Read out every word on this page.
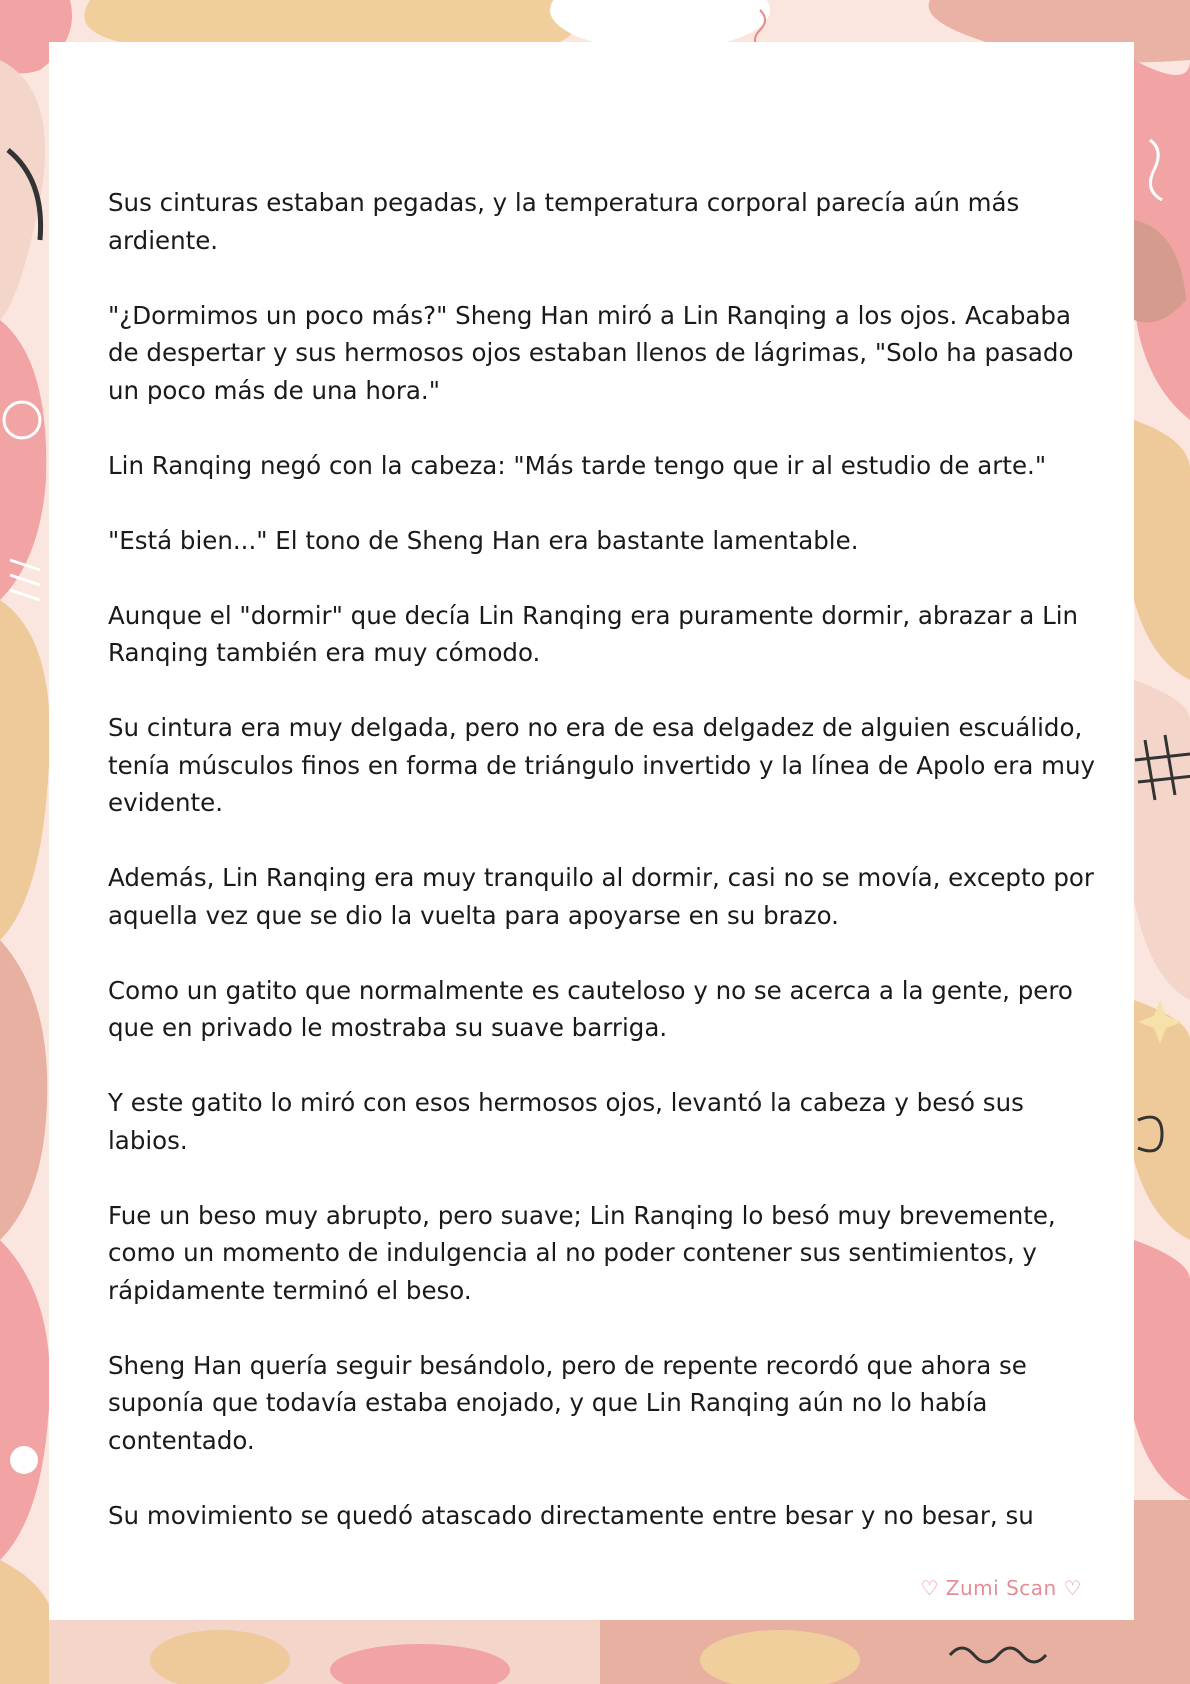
Sus cinturas estaban pegadas, y la temperatura corporal parecía aún más ardiente.

"¿Dormimos un poco más?" Sheng Han miró a Lin Ranqing a los ojos. Acababa de despertar y sus hermosos ojos estaban llenos de lágrimas, "Solo ha pasado un poco más de una hora."

Lin Ranqing negó con la cabeza: "Más tarde tengo que ir al estudio de arte."

"Está bien..." El tono de Sheng Han era bastante lamentable.

Aunque el "dormir" que decía Lin Ranqing era puramente dormir, abrazar a Lin Ranqing también era muy cómodo.

Su cintura era muy delgada, pero no era de esa delgadez de alguien escuálido, tenía músculos finos en forma de triángulo invertido y la línea de Apolo era muy evidente.

Además, Lin Ranqing era muy tranquilo al dormir, casi no se movía, excepto por aquella vez que se dio la vuelta para apoyarse en su brazo.

Como un gatito que normalmente es cauteloso y no se acerca a la gente, pero que en privado le mostraba su suave barriga.

Y este gatito lo miró con esos hermosos ojos, levantó la cabeza y besó sus labios.

Fue un beso muy abrupto, pero suave; Lin Ranqing lo besó muy brevemente, como un momento de indulgencia al no poder contener sus sentimientos, y rápidamente terminó el beso.

Sheng Han quería seguir besándolo, pero de repente recordó que ahora se suponía que todavía estaba enojado, y que Lin Ranqing aún no lo había contentado.

Su movimiento se quedó atascado directamente entre besar y no besar, su

♡ Zumi Scan ♡
